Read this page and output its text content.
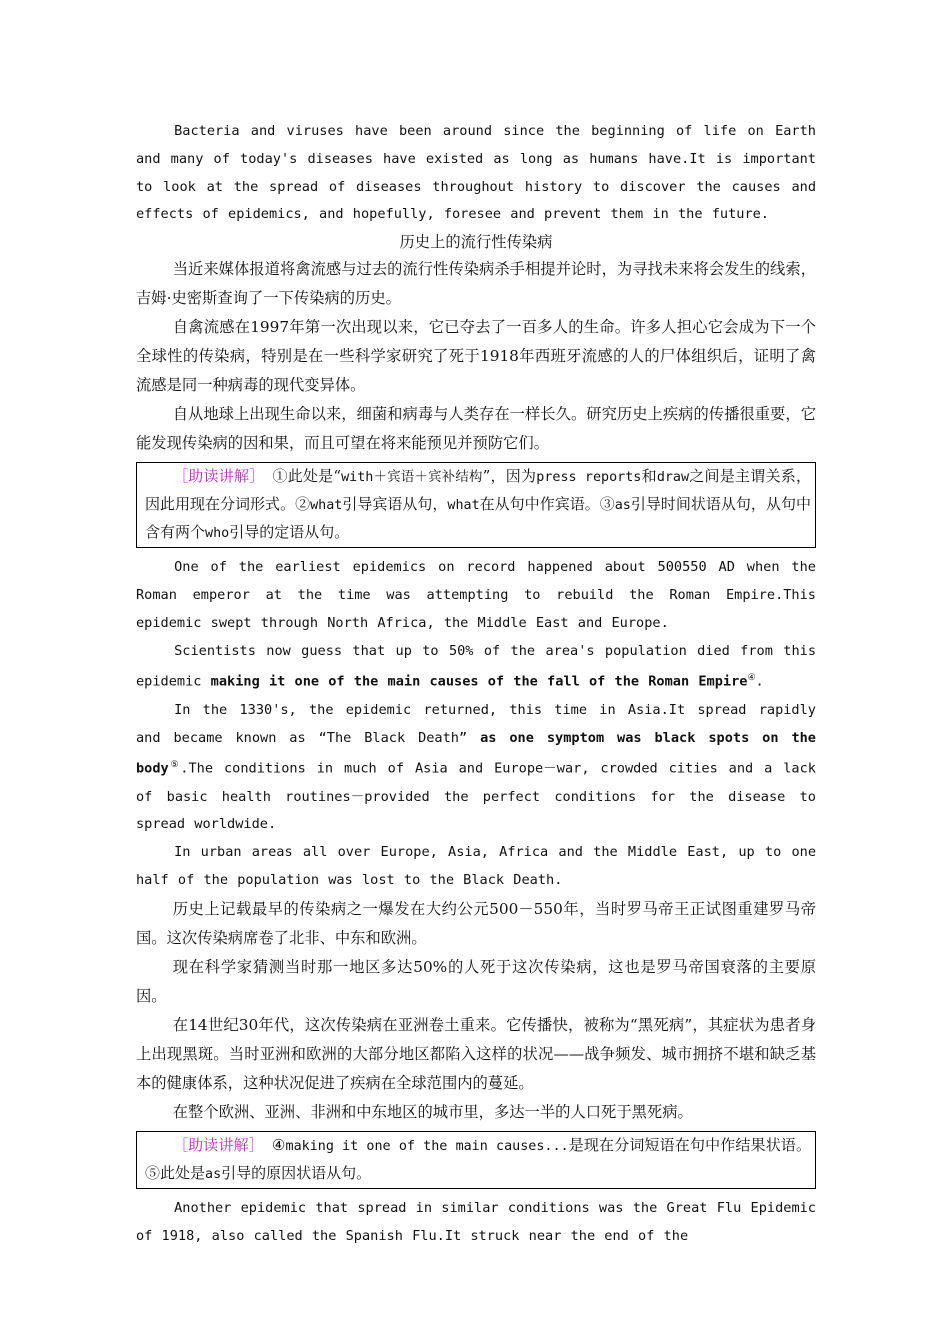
Bacteria and viruses have been around since the beginning of life on Earth and many of today's diseases have existed as long as humans have.It is important to look at the spread of diseases throughout history to discover the causes and effects of epidemics, and hopefully, foresee and prevent them in the future.

历史上的流行性传染病

当近来媒体报道将禽流感与过去的流行性传染病杀手相提并论时，为寻找未来将会发生的线索，吉姆·史密斯查询了一下传染病的历史。

自禽流感在1997年第一次出现以来，它已夺去了一百多人的生命。许多人担心它会成为下一个全球性的传染病，特别是在一些科学家研究了死于1918年西班牙流感的人的尸体组织后，证明了禽流感是同一种病毒的现代变异体。

自从地球上出现生命以来，细菌和病毒与人类存在一样长久。研究历史上疾病的传播很重要，它能发现传染病的因和果，而且可望在将来能预见并预防它们。

［助读讲解］ ①此处是“with＋宾语＋宾补结构”，因为press reports和draw之间是主谓关系，因此用现在分词形式。②what引导宾语从句，what在从句中作宾语。③as引导时间状语从句，从句中含有两个who引导的定语从句。

One of the earliest epidemics on record happened about 500550 AD when the Roman emperor at the time was attempting to rebuild the Roman Empire.This epidemic swept through North Africa, the Middle East and Europe.

Scientists now guess that up to 50% of the area's population died from this epidemic making it one of the main causes of the fall of the Roman Empire④.

In the 1330's, the epidemic returned, this time in Asia.It spread rapidly and became known as “The Black Death” as one symptom was black spots on the body⑤.The conditions in much of Asia and Europe－war, crowded cities and a lack of basic health routines－provided the perfect conditions for the disease to spread worldwide.

In urban areas all over Europe, Asia, Africa and the Middle East, up to one half of the population was lost to the Black Death.

历史上记载最早的传染病之一爆发在大约公元500－550年，当时罗马帝王正试图重建罗马帝国。这次传染病席卷了北非、中东和欧洲。

现在科学家猜测当时那一地区多达50%的人死于这次传染病，这也是罗马帝国衰落的主要原因。

在14世纪30年代，这次传染病在亚洲卷土重来。它传播快，被称为“黑死病”，其症状为患者身上出现黑斑。当时亚洲和欧洲的大部分地区都陷入这样的状况——战争频发、城市拥挤不堪和缺乏基本的健康体系，这种状况促进了疾病在全球范围内的蔓延。

在整个欧洲、亚洲、非洲和中东地区的城市里，多达一半的人口死于黑死病。

［助读讲解］ ④making it one of the main causes...是现在分词短语在句中作结果状语。⑤此处是as引导的原因状语从句。

Another epidemic that spread in similar conditions was the Great Flu Epidemic of 1918, also called the Spanish Flu.It struck near the end of the
